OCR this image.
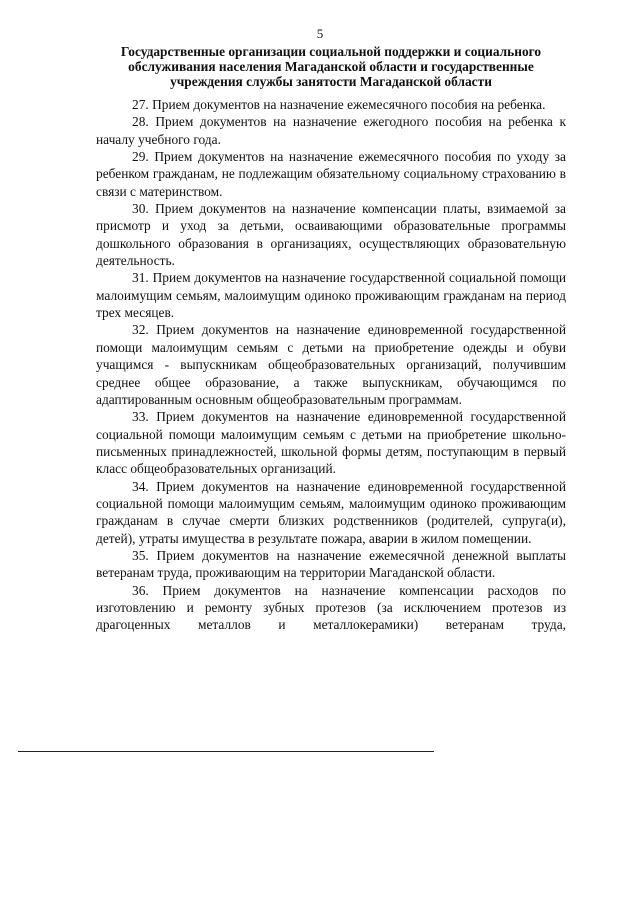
5
Государственные организации социальной поддержки и социального обслуживания населения Магаданской области и государственные учреждения службы занятости Магаданской области

27. Прием документов на назначение ежемесячного пособия на ребенка.

28. Прием документов на назначение ежегодного пособия на ребенка к началу учебного года.

29. Прием документов на назначение ежемесячного пособия по уходу за ребенком гражданам, не подлежащим обязательному социальному страхованию в связи с материнством.

30. Прием документов на назначение компенсации платы, взимаемой за присмотр и уход за детьми, осваивающими образовательные программы дошкольного образования в организациях, осуществляющих образовательную деятельность.

31. Прием документов на назначение государственной социальной помощи малоимущим семьям, малоимущим одиноко проживающим гражданам на период трех месяцев.

32. Прием документов на назначение единовременной государственной помощи малоимущим семьям с детьми на приобретение одежды и обуви учащимся - выпускникам общеобразовательных организаций, получившим среднее общее образование, а также выпускникам, обучающимся по адаптированным основным общеобразовательным программам.

33. Прием документов на назначение единовременной государственной социальной помощи малоимущим семьям с детьми на приобретение школьно-письменных принадлежностей, школьной формы детям, поступающим в первый класс общеобразовательных организаций.

34. Прием документов на назначение единовременной государственной социальной помощи малоимущим семьям, малоимущим одиноко проживающим гражданам в случае смерти близких родственников (родителей, супруга(и), детей), утраты имущества в результате пожара, аварии в жилом помещении.

35. Прием документов на назначение ежемесячной денежной выплаты ветеранам труда, проживающим на территории Магаданской области.

36. Прием документов на назначение компенсации расходов по изготовлению и ремонту зубных протезов (за исключением протезов из драгоценных металлов и металлокерамики) ветеранам труда,
